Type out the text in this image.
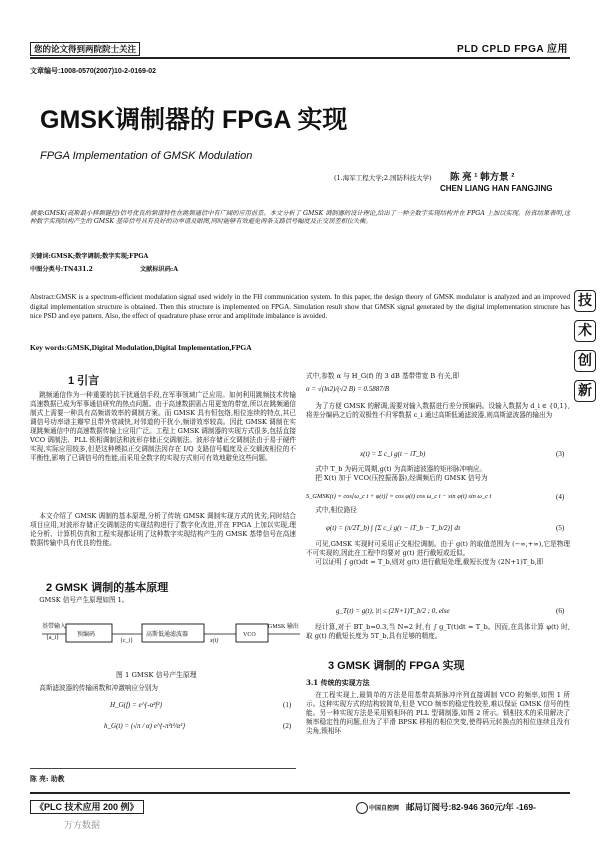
您的论文得到两院院士关注	PLD CPLD FPGA 应用
文章编号:1008-0570(2007)10-2-0169-02
GMSK调制器的 FPGA 实现
FPGA Implementation of GMSK Modulation
(1.海军工程大学;2.国防科技大学) 陈 亮 ¹ 韩方景 ²
CHEN LIANG HAN FANGJING
摘要:GMSK(高斯最小移频键控)信号优良的频谱特性在跳频通信中有广阔的应用前景。本文分析了 GMSK 调制器的设计理论,给出了一种全数字实现结构并在 FPGA 上加以实现。仿真结果表明,这种数字实现结构产生的 GMSK 基带信号具有良好的功率谱及眼图,同时能够有效避免两条支路信号幅度及正交误差相位失衡。
关键词:GMSK;数字调制;数字实现;FPGA
中图分类号:TN431.2	文献标识码:A
Abstract:GMSK is a spectrum-efficient modulation signal used widely in the FH communication system. In this paper, the design theory of GMSK modulator is analyzed and an improved digital implementation structure is obtained. Then this structure is implemented on FPGA. Simulation result show that GMSK signal generated by the digital implementation structure has nice PSD and eye pattern. Also, the effect of quadrature phase error and amplitude imbalance is avoided.
Key words:GMSK,Digital Modulation,Digital Implementation,FPGA
技
术
创
新
1 引言

跳频通信作为一种重要的抗干扰通信手段,在军事领域广泛应用。如何利用跳频技术传输高速数据已成为军事通信研究的热点问题。由于高速数据需占用更宽的带宽,所以在跳频通信制式上需要一种具有高频谱效率的调制方案。而 GMSK 具有恒包络,相位连续的特点,其已调信号功率谱主瓣窄且带外衰减快,对邻道的干扰小,频谱效率较高。因此 GMSK 调制在实现跳频通信中的高速数据传输上应用广泛。工程上 GMSK 调制器的实现方式很多,包括直接 VCO 调制法、PLL 锁相调制法和波形存储正交调制法。波形存储正交调制法由于易于硬件实现,实际应用较多,但是这种模拟正交调制法因存在 I/Q 支路信号幅度及正交载波相位的不平衡性,影响了已调信号的性能,而采用全数字的实现方式则可有效地避免这些问题。

本文介绍了 GMSK 调制的基本原理,分析了传统 GMSK 调制实现方式的优劣,同时结合项目应用,对波形存储正交调制法的实现结构进行了数字化改进,并在 FPGA 上加以实现,理论分析、计算机仿真和工程实现都证明了这种数字实现结构产生的 GMSK 基带信号在高速数据传输中具有优良的性能。

2 GMSK 调制的基本原理

GMSK 信号产生原理如图 1。

基带输入
{a_i}	预编码
{c_i}
高斯低通滤波器
x(t)
VCO
GMSK 输出
图 1 GMSK 信号产生原理

高斯滤波器的传输函数和冲激响应分别为

H_G(f) = e^{-α²f²}	(1)
h_G(t) = (√π / α) e^{-π²t²/α²}	(2)
陈 亮: 助教

式中,参数 α 与 H_G(f) 的 3 dB 基带带宽 B 有关,即

α = √(ln2)/(√2 B) = 0.5887/B

为了方便 GMSK 的解调,需要对输入数据进行差分预编码。设输入数据为 d_i ∈ {0,1},将差分编码之后的双极性不归零数据 c_i 通过高斯低通滤波器,则高斯滤波器的输出为

x(t) = Σ c_i g(t − iT_b)	(3)

式中 T_b 为码元周期,g(t) 为高斯滤波器的矩形脉冲响应。

把 X(t) 加于 VCO(压控振荡器),经调频后的 GMSK 信号为

S_GMSK(t) = cos[ω_c t + φ(t)] = cos φ(t) cos ω_c t − sin φ(t) sin ω_c t	(4)

式中,相位路径

φ(t) = (π/2T_b) ∫ [Σ c_i g(τ − iT_b − T_b/2)] dτ	(5)

可见,GMSK 实现时可采用正交相位调制。由于 g(t) 的取值范围为 (−∞,+∞),它是物理不可实现的,因此在工程中均要对 g(t) 进行截短或近似。

可以证明 ∫ g(t)dt = T_b,则对 g(t) 进行截短处理,截短长度为 (2N+1)T_b,即

g_T(t) = g(t), |t| ≤ (2N+1)T_b/2 ; 0, else	(6)

经计算,对于 BT_b=0.3,当 N=2 时,有 ∫ g_T(t)dt ≈ T_b。因而,在具体计算 φ(t) 时,取 g(t) 的截短长度为 5T_b,具有足够的精度。

3 GMSK 调制的 FPGA 实现
3.1 传统的实现方法

在工程实现上,最简单的方法是用基带高斯脉冲序列直接调制 VCO 的频率,如图 1 所示。这种实现方式的结构较简单,但是 VCO 频率的稳定性较差,难以保证 GMSK 信号的性能。另一种实现方法是采用锁相环的 PLL 型调制器,如图 2 所示。锁相技术的采用解决了频率稳定性的问题,但为了平滑 BPSK 移相的相位突变,使得码元转换点的相位连续且没有尖角,锁相环

《PLC 技术应用 200 例》
万方数据
中国自控网 邮局订阅号:82-946 360元/年 -169-
